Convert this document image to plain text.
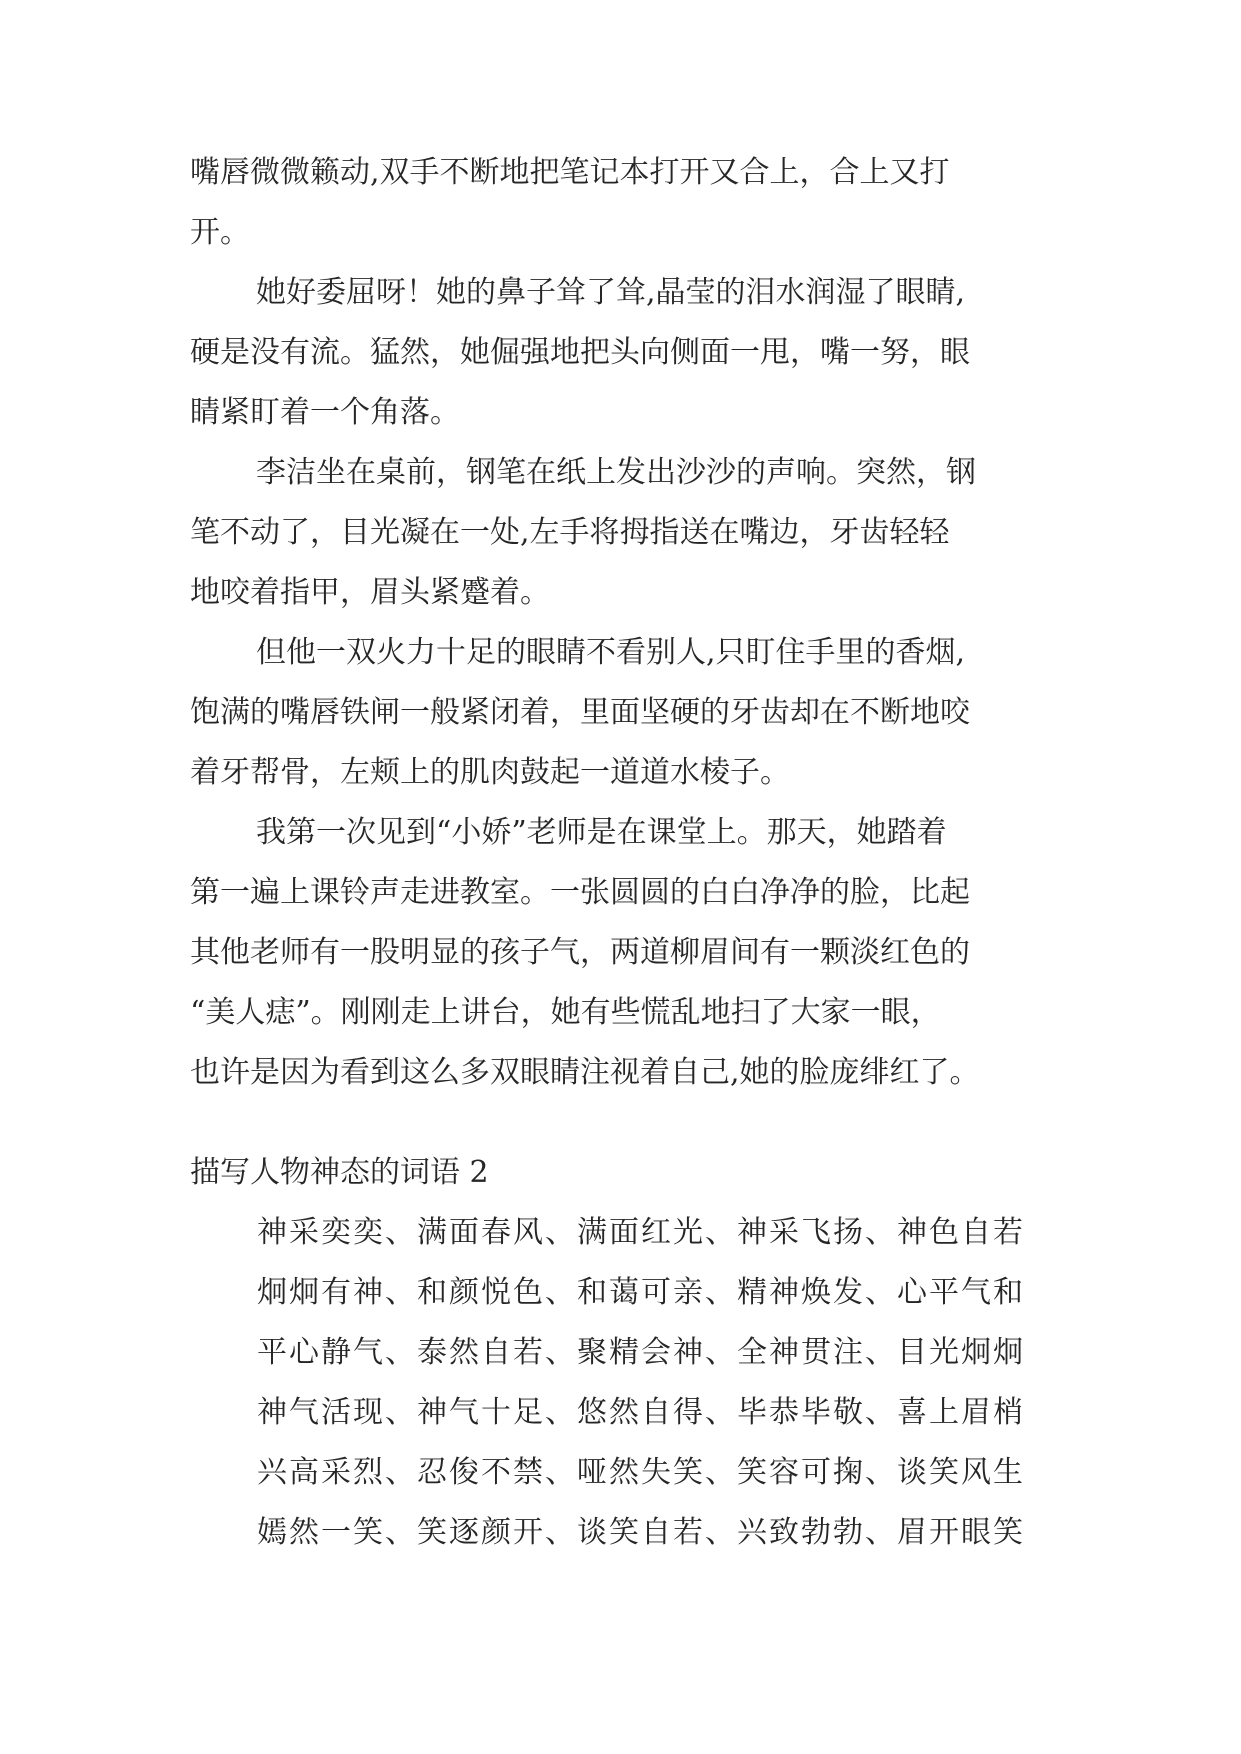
嘴唇微微籁动,双手不断地把笔记本打开又合上，合上又打
开。
她好委屈呀！她的鼻子耸了耸,晶莹的泪水润湿了眼睛,
硬是没有流。猛然，她倔强地把头向侧面一甩，嘴一努，眼
睛紧盯着一个角落。
李洁坐在桌前，钢笔在纸上发出沙沙的声响。突然，钢
笔不动了，目光凝在一处,左手将拇指送在嘴边，牙齿轻轻
地咬着指甲，眉头紧蹙着。
但他一双火力十足的眼睛不看别人,只盯住手里的香烟,
饱满的嘴唇铁闸一般紧闭着，里面坚硬的牙齿却在不断地咬
着牙帮骨，左颊上的肌肉鼓起一道道水棱子。
我第一次见到“小娇”老师是在课堂上。那天，她踏着
第一遍上课铃声走进教室。一张圆圆的白白净净的脸，比起
其他老师有一股明显的孩子气，两道柳眉间有一颗淡红色的
“美人痣”。刚刚走上讲台，她有些慌乱地扫了大家一眼，
也许是因为看到这么多双眼睛注视着自己,她的脸庞绯红了。
描写人物神态的词语 2
神采奕奕、满面春风、满面红光、神采飞扬、神色自若
炯炯有神、和颜悦色、和蔼可亲、精神焕发、心平气和
平心静气、泰然自若、聚精会神、全神贯注、目光炯炯
神气活现、神气十足、悠然自得、毕恭毕敬、喜上眉梢
兴高采烈、忍俊不禁、哑然失笑、笑容可掬、谈笑风生
嫣然一笑、笑逐颜开、谈笑自若、兴致勃勃、眉开眼笑
